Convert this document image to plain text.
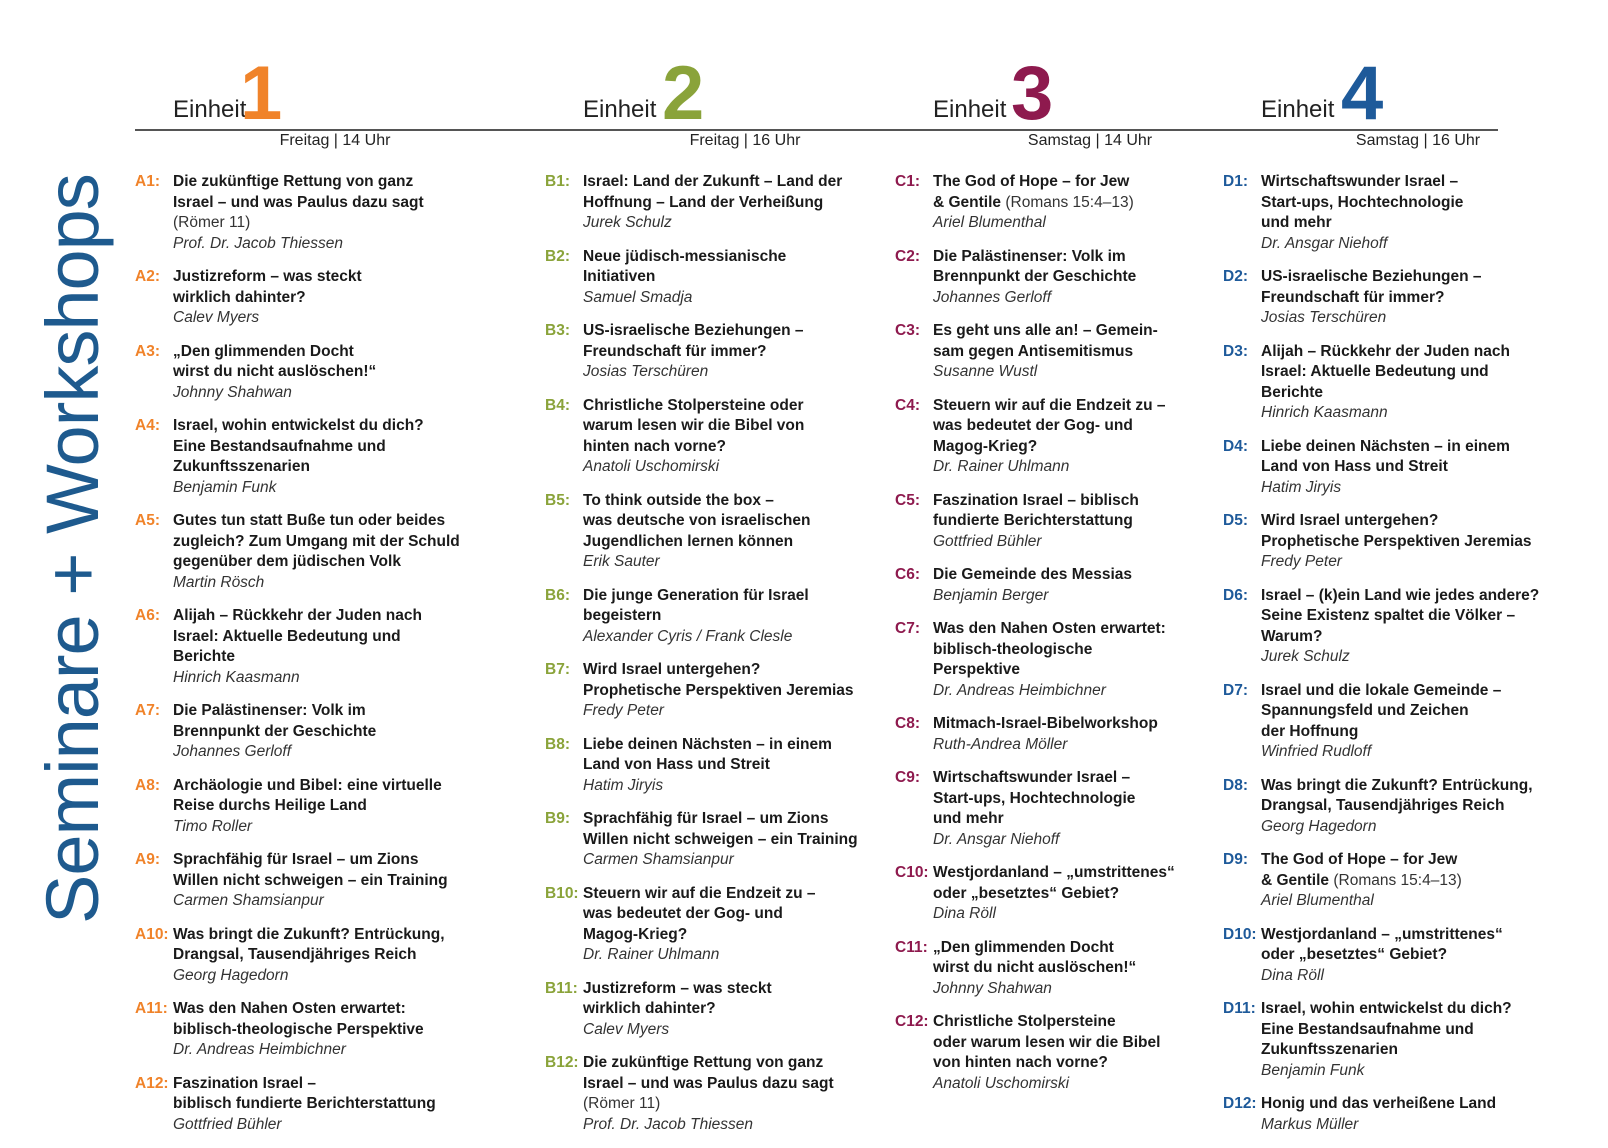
Seminare + Workshops
Einheit
1
Freitag | 14 Uhr
A1: Die zukünftige Rettung von ganz
Israel – und was Paulus dazu sagt
(Römer 11)
Prof. Dr. Jacob Thiessen
A2: Justizreform – was steckt
wirklich dahinter?
Calev Myers
A3: „Den glimmenden Docht
wirst du nicht auslöschen!“
Johnny Shahwan
A4: Israel, wohin entwickelst du dich?
Eine Bestandsaufnahme und
Zukunftsszenarien
Benjamin Funk
A5: Gutes tun statt Buße tun oder beides
zugleich? Zum Umgang mit der Schuld
gegenüber dem jüdischen Volk
Martin Rösch
A6: Alijah – Rückkehr der Juden nach
Israel: Aktuelle Bedeutung und
Berichte
Hinrich Kaasmann
A7: Die Palästinenser: Volk im
Brennpunkt der Geschichte
Johannes Gerloff
A8: Archäologie und Bibel: eine virtuelle
Reise durchs Heilige Land
Timo Roller
A9: Sprachfähig für Israel – um Zions
Willen nicht schweigen – ein Training
Carmen Shamsianpur
A10: Was bringt die Zukunft? Entrückung,
Drangsal, Tausendjähriges Reich
Georg Hagedorn
A11: Was den Nahen Osten erwartet:
biblisch-theologische Perspektive
Dr. Andreas Heimbichner
A12: Faszination Israel –
biblisch fundierte Berichterstattung
Gottfried Bühler
Einheit 2
Freitag | 16 Uhr
B1: Israel: Land der Zukunft – Land der
Hoffnung – Land der Verheißung
Jurek Schulz
B2: Neue jüdisch-messianische
Initiativen
Samuel Smadja
B3: US-israelische Beziehungen –
Freundschaft für immer?
Josias Terschüren
B4: Christliche Stolpersteine oder
warum lesen wir die Bibel von
hinten nach vorne?
Anatoli Uschomirski
B5: To think outside the box –
was deutsche von israelischen
Jugendlichen lernen können
Erik Sauter
B6: Die junge Generation für Israel
begeistern
Alexander Cyris / Frank Clesle
B7: Wird Israel untergehen?
Prophetische Perspektiven Jeremias
Fredy Peter
B8: Liebe deinen Nächsten – in einem
Land von Hass und Streit
Hatim Jiryis
B9: Sprachfähig für Israel – um Zions
Willen nicht schweigen – ein Training
Carmen Shamsianpur
B10: Steuern wir auf die Endzeit zu –
was bedeutet der Gog- und
Magog-Krieg?
Dr. Rainer Uhlmann
B11: Justizreform – was steckt
wirklich dahinter?
Calev Myers
B12: Die zukünftige Rettung von ganz
Israel – und was Paulus dazu sagt
(Römer 11)
Prof. Dr. Jacob Thiessen
Einheit 3
Samstag | 14 Uhr
C1: The God of Hope – for Jew
& Gentile (Romans 15:4–13)
Ariel Blumenthal
C2: Die Palästinenser: Volk im
Brennpunkt der Geschichte
Johannes Gerloff
C3: Es geht uns alle an! – Gemein-
sam gegen Antisemitismus
Susanne Wustl
C4: Steuern wir auf die Endzeit zu –
was bedeutet der Gog- und
Magog-Krieg?
Dr. Rainer Uhlmann
C5: Faszination Israel – biblisch
fundierte Berichterstattung
Gottfried Bühler
C6: Die Gemeinde des Messias
Benjamin Berger
C7: Was den Nahen Osten erwartet:
biblisch-theologische
Perspektive
Dr. Andreas Heimbichner
C8: Mitmach-Israel-Bibelworkshop
Ruth-Andrea Möller
C9: Wirtschaftswunder Israel –
Start-ups, Hochtechnologie
und mehr
Dr. Ansgar Niehoff
C10: Westjordanland – „umstrittenes“
oder „besetztes“ Gebiet?
Dina Röll
C11: „Den glimmenden Docht
wirst du nicht auslöschen!“
Johnny Shahwan
C12: Christliche Stolpersteine
oder warum lesen wir die Bibel
von hinten nach vorne?
Anatoli Uschomirski
Einheit 4
Samstag | 16 Uhr
D1: Wirtschaftswunder Israel –
Start-ups, Hochtechnologie
und mehr
Dr. Ansgar Niehoff
D2: US-israelische Beziehungen –
Freundschaft für immer?
Josias Terschüren
D3: Alijah – Rückkehr der Juden nach
Israel: Aktuelle Bedeutung und
Berichte
Hinrich Kaasmann
D4: Liebe deinen Nächsten – in einem
Land von Hass und Streit
Hatim Jiryis
D5: Wird Israel untergehen?
Prophetische Perspektiven Jeremias
Fredy Peter
D6: Israel – (k)ein Land wie jedes andere?
Seine Existenz spaltet die Völker –
Warum?
Jurek Schulz
D7: Israel und die lokale Gemeinde –
Spannungsfeld und Zeichen
der Hoffnung
Winfried Rudloff
D8: Was bringt die Zukunft? Entrückung,
Drangsal, Tausendjähriges Reich
Georg Hagedorn
D9: The God of Hope – for Jew
& Gentile (Romans 15:4–13)
Ariel Blumenthal
D10: Westjordanland – „umstrittenes“
oder „besetztes“ Gebiet?
Dina Röll
D11: Israel, wohin entwickelst du dich?
Eine Bestandsaufnahme und
Zukunftsszenarien
Benjamin Funk
D12: Honig und das verheißene Land
Markus Müller
